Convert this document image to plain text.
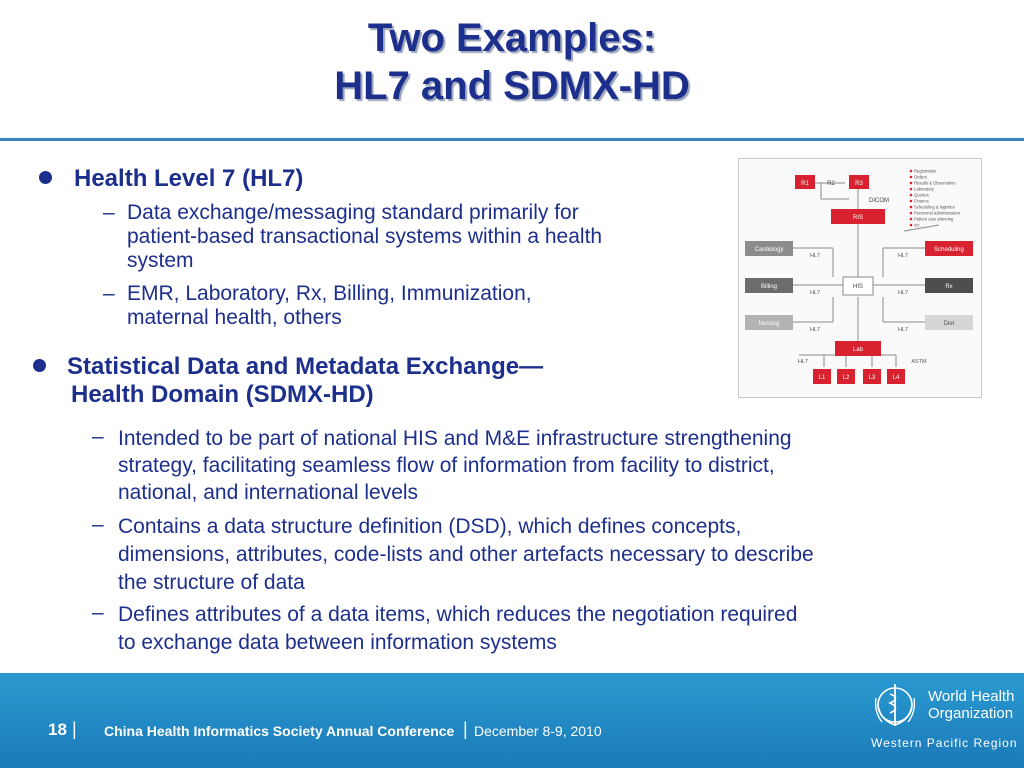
Two Examples:
HL7 and SDMX-HD
Health Level 7 (HL7)
– Data exchange/messaging standard primarily for
patient-based transactional systems within a health
system
– EMR, Laboratory, Rx, Billing, Immunization,
maternal health, others
R1	R2	R3
DICOM
RIS
Registration
Orders
Results & Observation
Laboratory
Queries
Finance
Scheduling & logistics
Personnel administration
Patient care planning
etc.
Cardiology
Billing
Nursing
Scheduling
Rx
Diet
HIS
HL7
HL7
HL7
HL7
HL7
HL7
HL7	ASTM
Lab
L1	L2	L3	L4
Statistical Data and Metadata Exchange—
Health Domain (SDMX-HD)
– Intended to be part of national HIS and M&E infrastructure strengthening
strategy, facilitating seamless flow of information from facility to district,
national, and international levels
– Contains a data structure definition (DSD), which defines concepts,
dimensions, attributes, code-lists and other artefacts necessary to describe
the structure of data
– Defines attributes of a data items, which reduces the negotiation required
to exchange data between information systems
18 | China Health Informatics Society Annual Conference | December 8-9, 2010
World Health
Organization
Western Pacific Region
